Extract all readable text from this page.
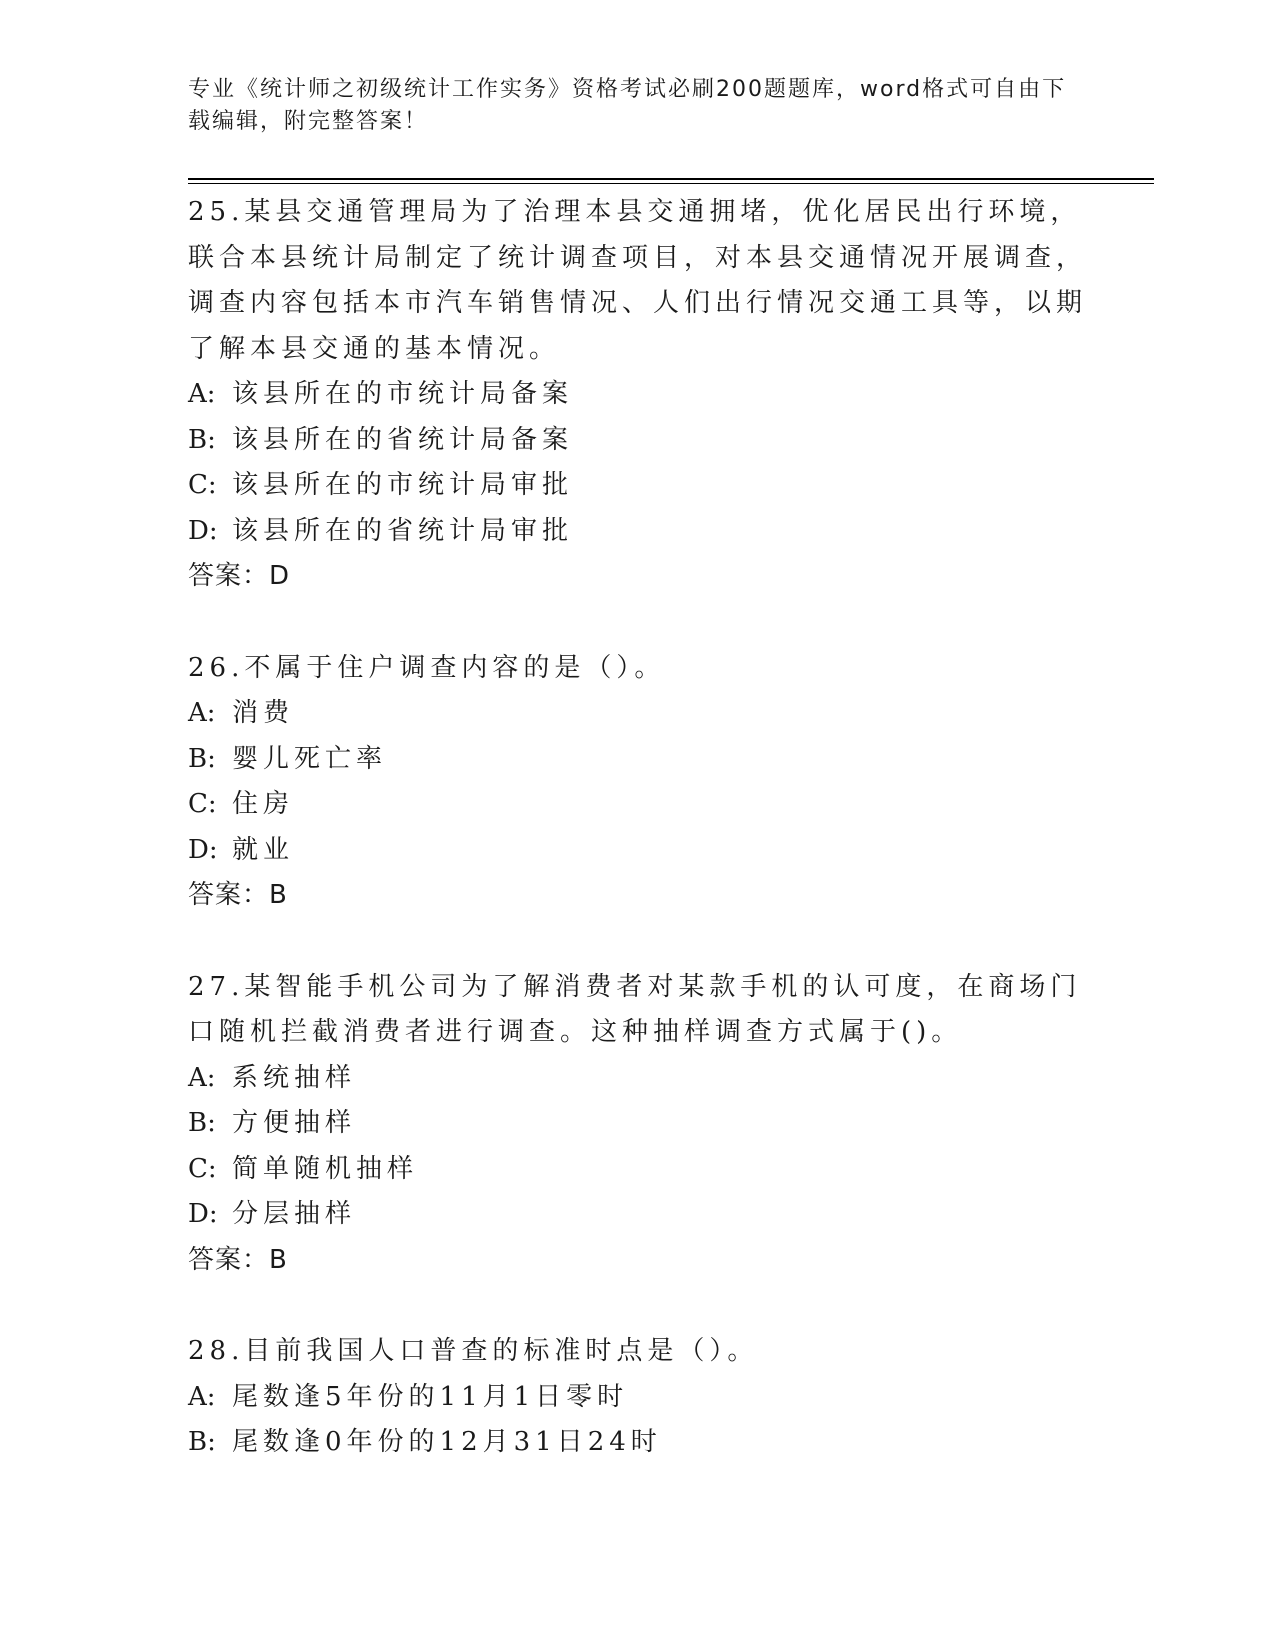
专业《统计师之初级统计工作实务》资格考试必刷200题题库，word格式可自由下载编辑，附完整答案！

25.某县交通管理局为了治理本县交通拥堵，优化居民出行环境，联合本县统计局制定了统计调查项目，对本县交通情况开展调查，调查内容包括本市汽车销售情况、人们出行情况交通工具等，以期了解本县交通的基本情况。

A: 该县所在的市统计局备案

B: 该县所在的省统计局备案

C: 该县所在的市统计局审批

D: 该县所在的省统计局审批

答案：D

26.不属于住户调查内容的是（）。

A: 消费

B: 婴儿死亡率

C: 住房

D: 就业

答案：B

27.某智能手机公司为了解消费者对某款手机的认可度，在商场门口随机拦截消费者进行调查。这种抽样调查方式属于()。

A: 系统抽样

B: 方便抽样

C: 简单随机抽样

D: 分层抽样

答案：B

28.目前我国人口普查的标准时点是（）。

A: 尾数逢5年份的11月1日零时

B: 尾数逢0年份的12月31日24时
